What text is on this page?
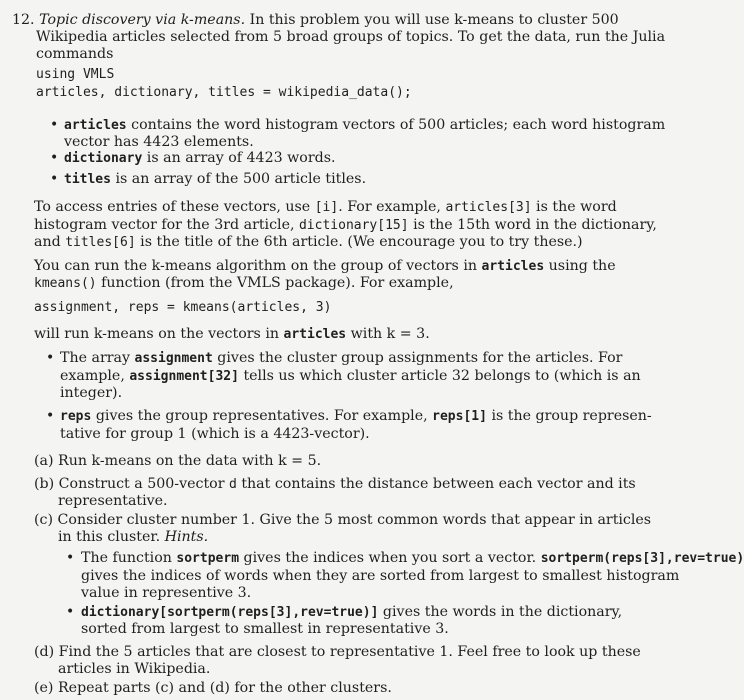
12. Topic discovery via k-means. In this problem you will use k-means to cluster 500
Wikipedia articles selected from 5 broad groups of topics. To get the data, run the Julia
commands
using VMLS
articles, dictionary, titles = wikipedia_data();
• articles contains the word histogram vectors of 500 articles; each word histogram
vector has 4423 elements.
• dictionary is an array of 4423 words.
• titles is an array of the 500 article titles.
To access entries of these vectors, use [i]. For example, articles[3] is the word
histogram vector for the 3rd article, dictionary[15] is the 15th word in the dictionary,
and titles[6] is the title of the 6th article. (We encourage you to try these.)
You can run the k-means algorithm on the group of vectors in articles using the
kmeans() function (from the VMLS package). For example,
assignment, reps = kmeans(articles, 3)
will run k-means on the vectors in articles with k = 3.
• The array assignment gives the cluster group assignments for the articles. For
example, assignment[32] tells us which cluster article 32 belongs to (which is an
integer).
• reps gives the group representatives. For example, reps[1] is the group represen-
tative for group 1 (which is a 4423-vector).
(a) Run k-means on the data with k = 5.
(b) Construct a 500-vector d that contains the distance between each vector and its
representative.
(c) Consider cluster number 1. Give the 5 most common words that appear in articles
in this cluster. Hints.
• The function sortperm gives the indices when you sort a vector. sortperm(reps[3],rev=true)
gives the indices of words when they are sorted from largest to smallest histogram
value in representive 3.
• dictionary[sortperm(reps[3],rev=true)] gives the words in the dictionary,
sorted from largest to smallest in representative 3.
(d) Find the 5 articles that are closest to representative 1. Feel free to look up these
articles in Wikipedia.
(e) Repeat parts (c) and (d) for the other clusters.
